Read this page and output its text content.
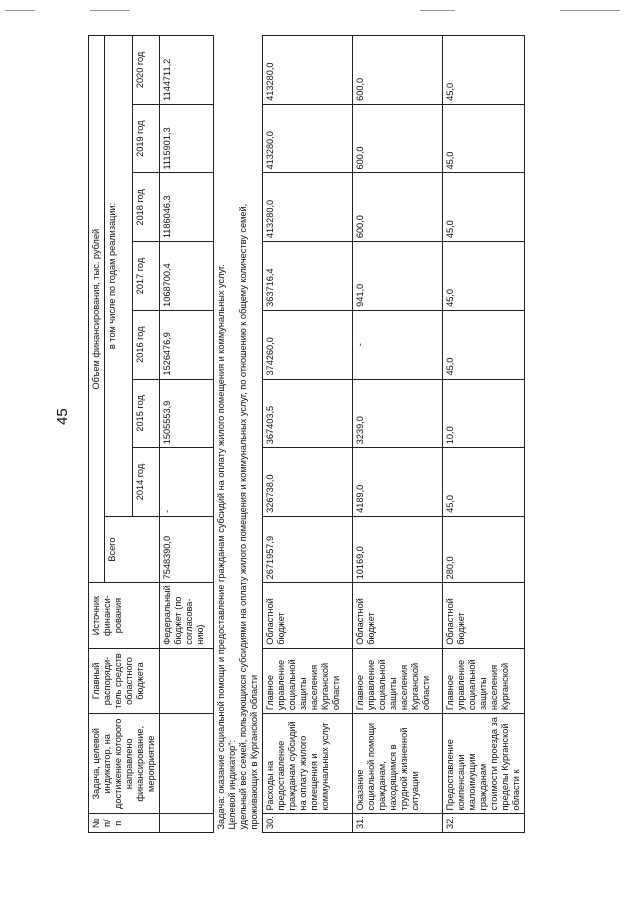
45
№ п/п	Задача, целевой индикатор, на достижение которого направлено финансирование, мероприятие	Главный распоряди-тель средств областного бюджета	Источник финанси-рования	Объем финансирования, тыс. рублей							
				Всего	в том числе по годам реализации:						
					2014 год	2015 год	2016 год	2017 год	2018 год	2019 год	2020 год
			Федеральный бюджет (по согласова-нию)	7548390,0	-	1505553,9	1526476,9	1068700,4	1186046,3	1115901,3	1144711,2

Задача: оказание социальной помощи и предоставление гражданам субсидий на оплату жилого помещения и коммунальных услуг. Целевой индикатор": удельный вес семей, пользующихся субсидиями на оплату жилого помещения и коммунальных услуг, по отношению к общему количеству семей, проживающих в Курганской области											

30.	Расходы на предоставление гражданам субсидий на оплату жилого помещения и коммунальных услуг	Главное управление социальной защиты населения Курганской области	Областной бюджет	2671957,9	326738,0	367403,5	374260,0	363716,4	413280,0	413280,0	413280,0
31.	Оказание социальной помощи гражданам, находящимся в трудной жизненной ситуации	Главное управление социальной защиты населения Курганской области	Областной бюджет	10169,0	4189,0	3239,0	-	941,0	600,0	600,0	600,0
32.	Предоставление компенсации малоимущим гражданам стоимости проезда за пределы Курганской области к	Главное управление социальной защиты населения Курганской	Областной бюджет	280,0	45,0	10,0	45,0	45,0	45,0	45,0	45,0
